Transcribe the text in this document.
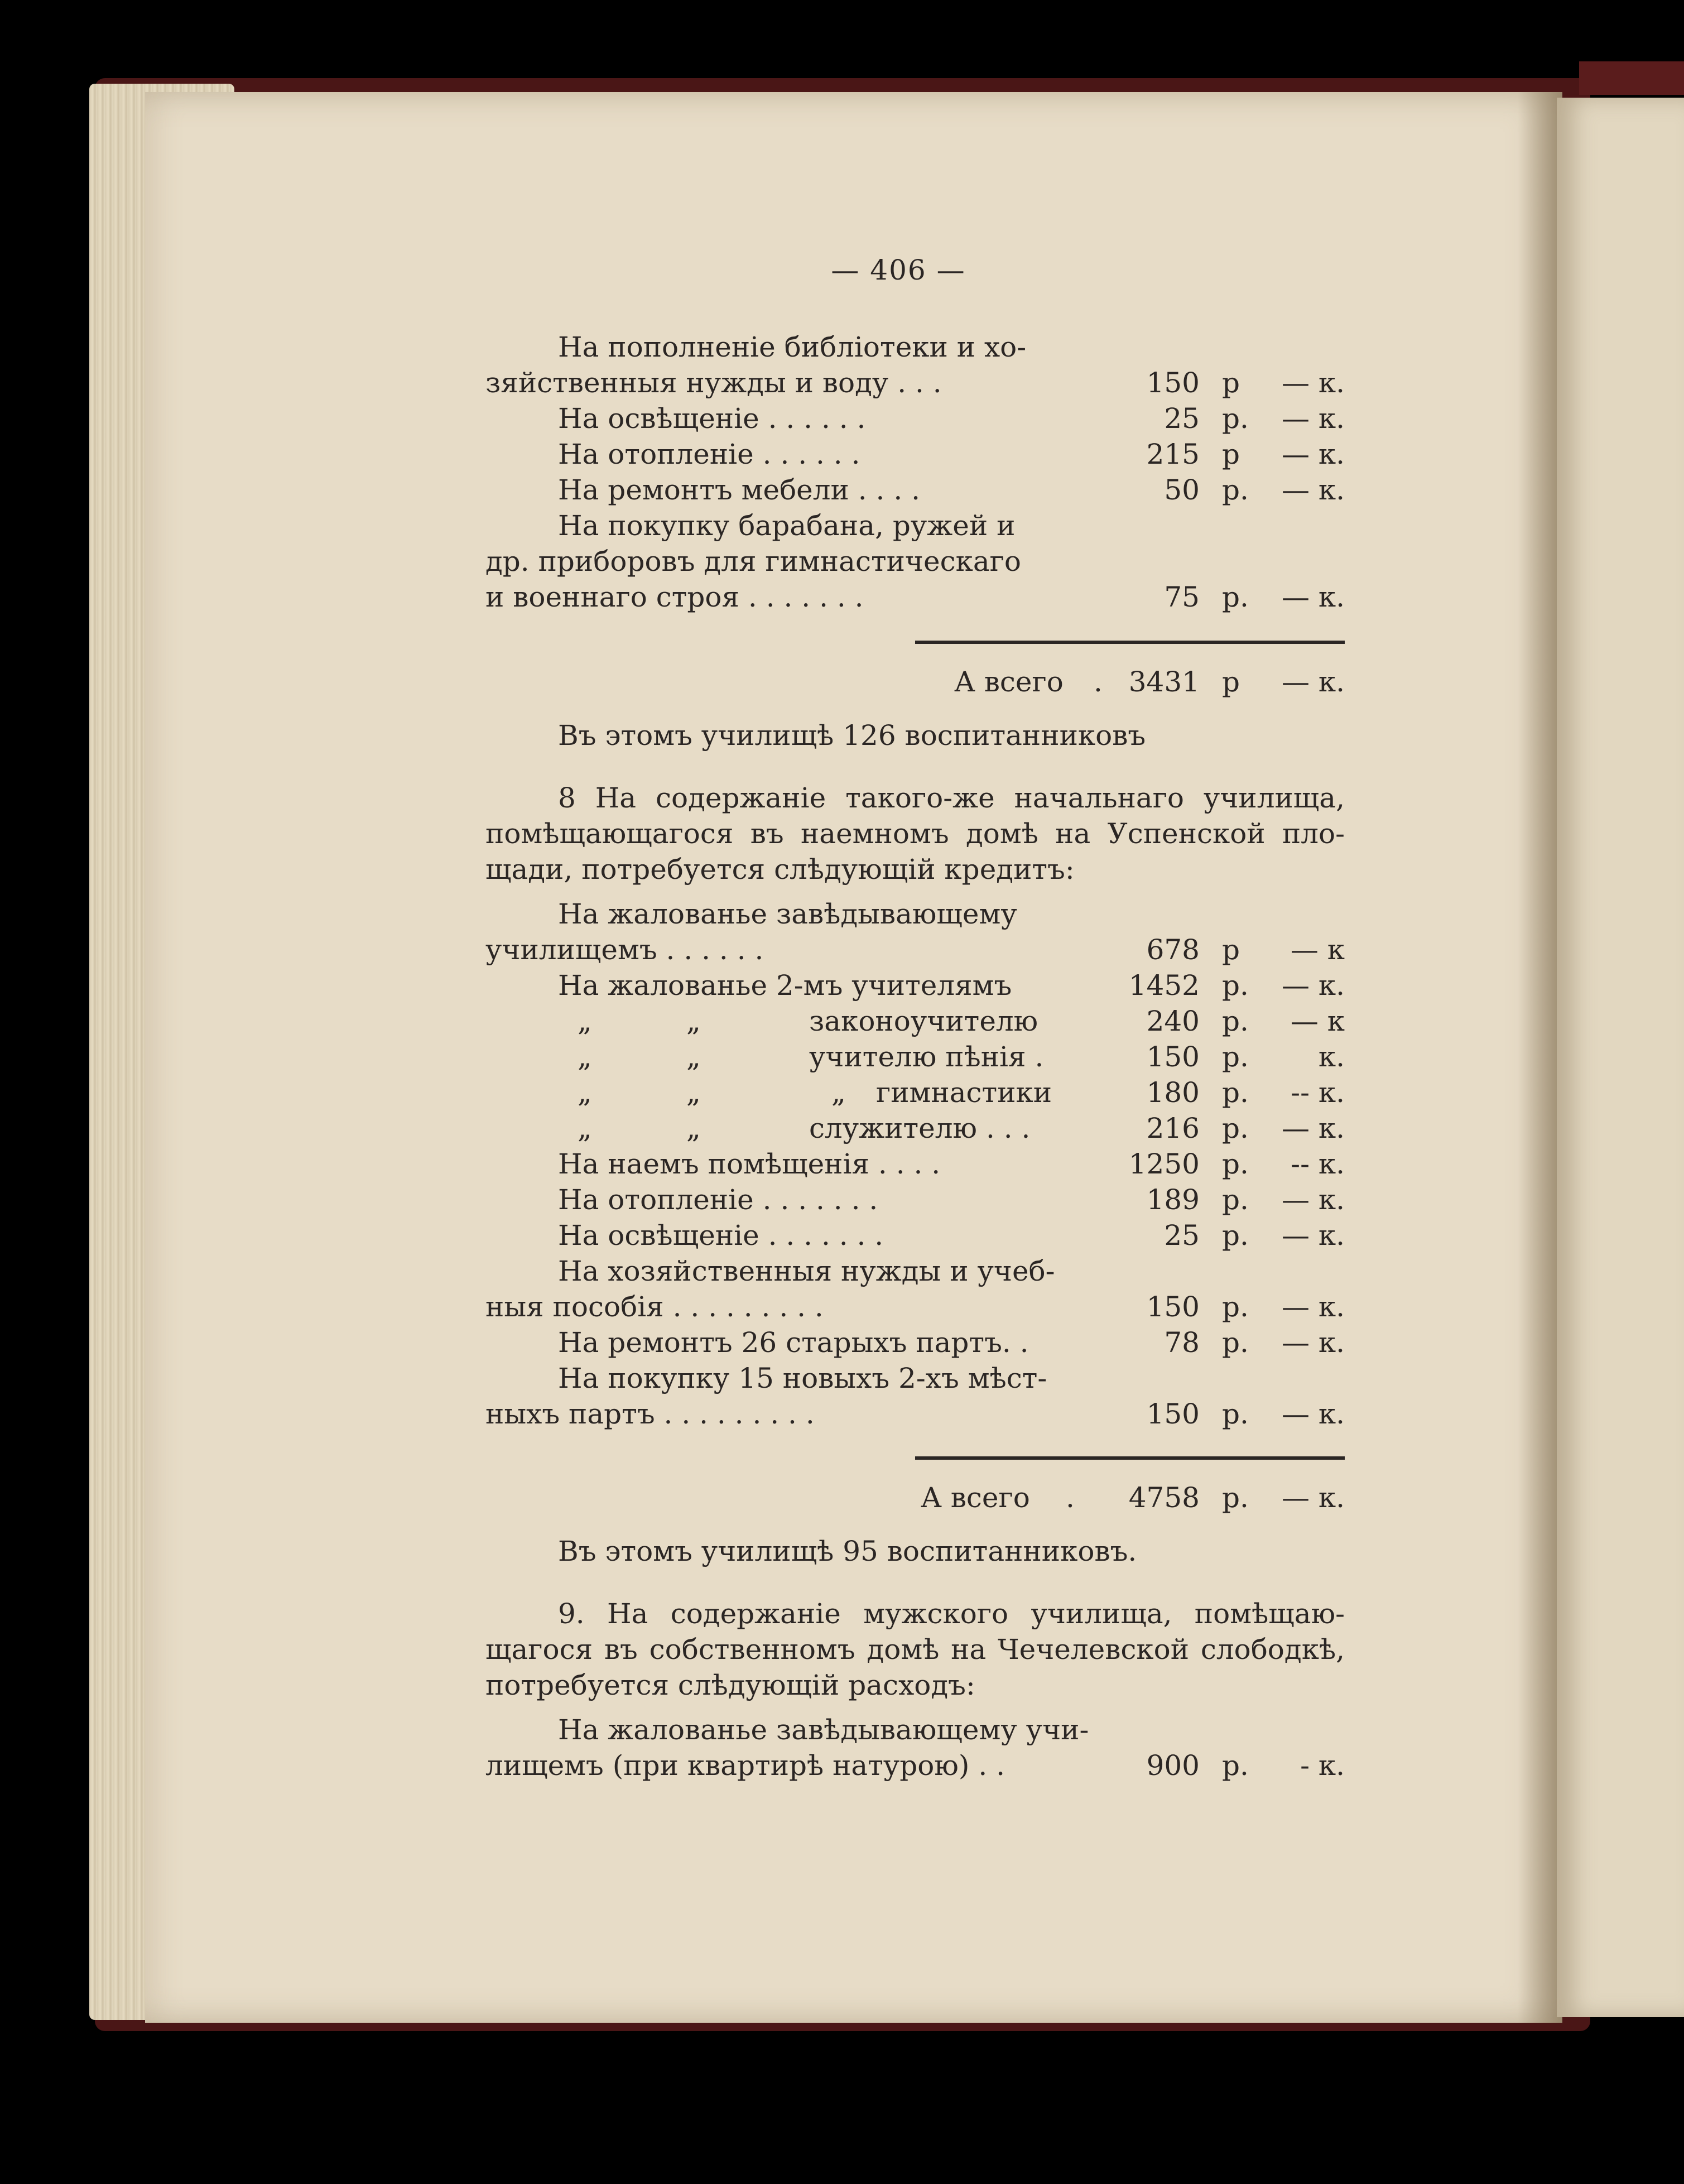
— 406 —
На пополненіе библіотеки и хо-
зяйственныя нужды и воду . . .	150 р — к.
На освѣщеніе . . . . . .	25 р. — к.
На отопленіе . . . . . .	215 р — к.
На ремонтъ мебели . . . .	50 р. — к.
На покупку барабана, ружей и
др. приборовъ для гимнастическаго
и военнаго строя . . . . . . .	75 р. — к.
А всего . 3431 р — к.
Въ этомъ училищѣ 126 воспитанниковъ
8 На содержаніе такого-же начальнаго училища,
помѣщающагося въ наемномъ домѣ на Успенской пло-
щади, потребуется слѣдующій кредитъ:
На жалованье завѣдывающему
училищемъ . . . . . .	678 р — к
На жалованье 2-мъ учителямъ	1452 р. — к.
„	„	законоучителю	240 р. — к
„	„	учителю пѣнія .	150 р. к.
„	„	„ гимнастики	180 р. -- к.
„	„	служителю . . .	216 р. — к.
На наемъ помѣщенія . . . .	1250 р. -- к.
На отопленіе . . . . . . .	189 р. — к.
На освѣщеніе . . . . . . .	25 р. — к.
На хозяйственныя нужды и учеб-
ныя пособія . . . . . . . . .	150 р. — к.
На ремонтъ 26 старыхъ партъ. .	78 р. — к.
На покупку 15 новыхъ 2-хъ мѣст-
ныхъ партъ . . . . . . . . .	150 р. — к.
А всего . 4758 р. — к.
Въ этомъ училищѣ 95 воспитанниковъ.
9. На содержаніе мужского училища, помѣщаю-
щагося въ собственномъ домѣ на Чечелевской слободкѣ,
потребуется слѣдующій расходъ:
На жалованье завѣдывающему учи-
лищемъ (при квартирѣ натурою) . .	900 р. - к.
